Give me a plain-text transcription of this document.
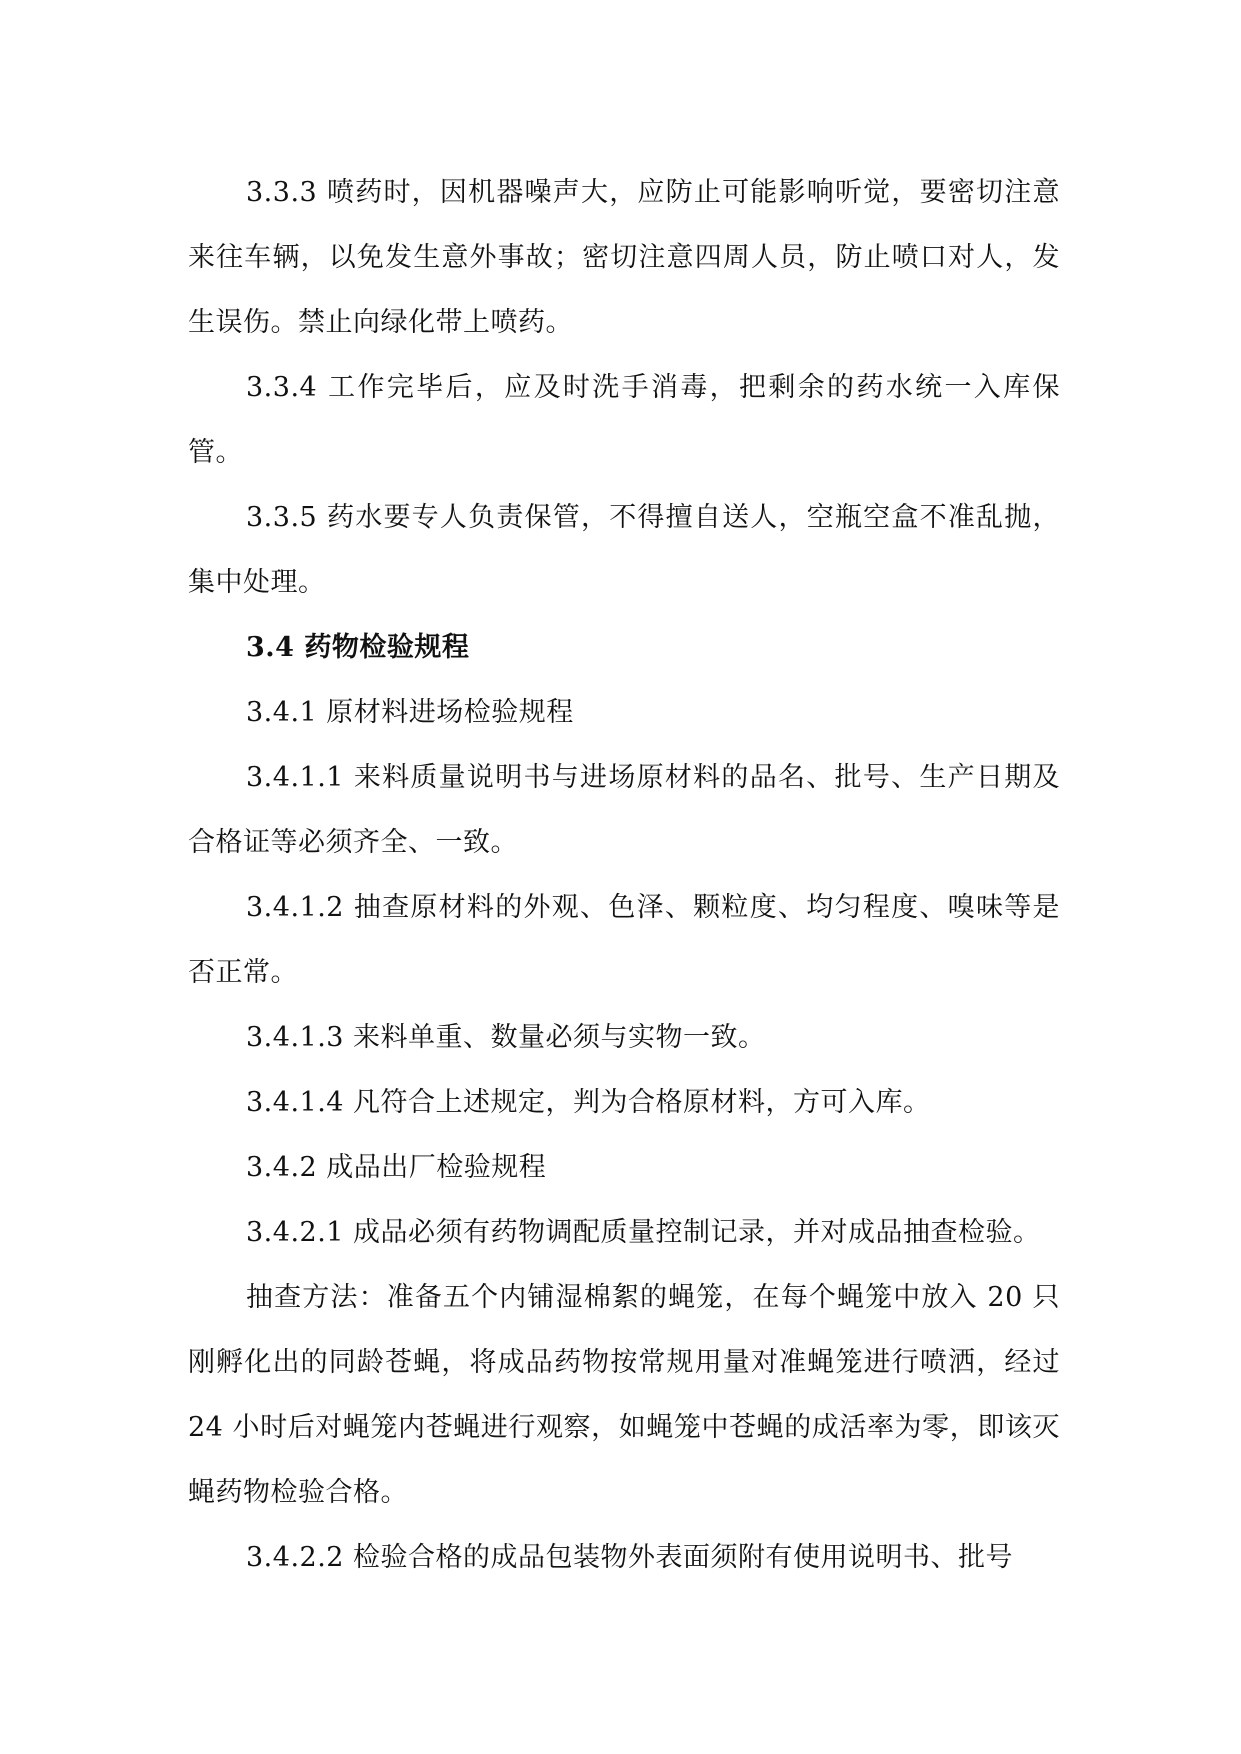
3.3.3 喷药时，因机器噪声大，应防止可能影响听觉，要密切注意来往车辆，以免发生意外事故；密切注意四周人员，防止喷口对人，发生误伤。禁止向绿化带上喷药。

3.3.4 工作完毕后，应及时洗手消毒，把剩余的药水统一入库保管。

3.3.5 药水要专人负责保管，不得擅自送人，空瓶空盒不准乱抛，集中处理。

3.4 药物检验规程

3.4.1 原材料进场检验规程

3.4.1.1 来料质量说明书与进场原材料的品名、批号、生产日期及合格证等必须齐全、一致。

3.4.1.2 抽查原材料的外观、色泽、颗粒度、均匀程度、嗅味等是否正常。

3.4.1.3 来料单重、数量必须与实物一致。

3.4.1.4 凡符合上述规定，判为合格原材料，方可入库。

3.4.2 成品出厂检验规程

3.4.2.1 成品必须有药物调配质量控制记录，并对成品抽查检验。

抽查方法：准备五个内铺湿棉絮的蝇笼，在每个蝇笼中放入 20 只刚孵化出的同龄苍蝇，将成品药物按常规用量对准蝇笼进行喷洒，经过 24 小时后对蝇笼内苍蝇进行观察，如蝇笼中苍蝇的成活率为零，即该灭蝇药物检验合格。

3.4.2.2 检验合格的成品包装物外表面须附有使用说明书、批号
